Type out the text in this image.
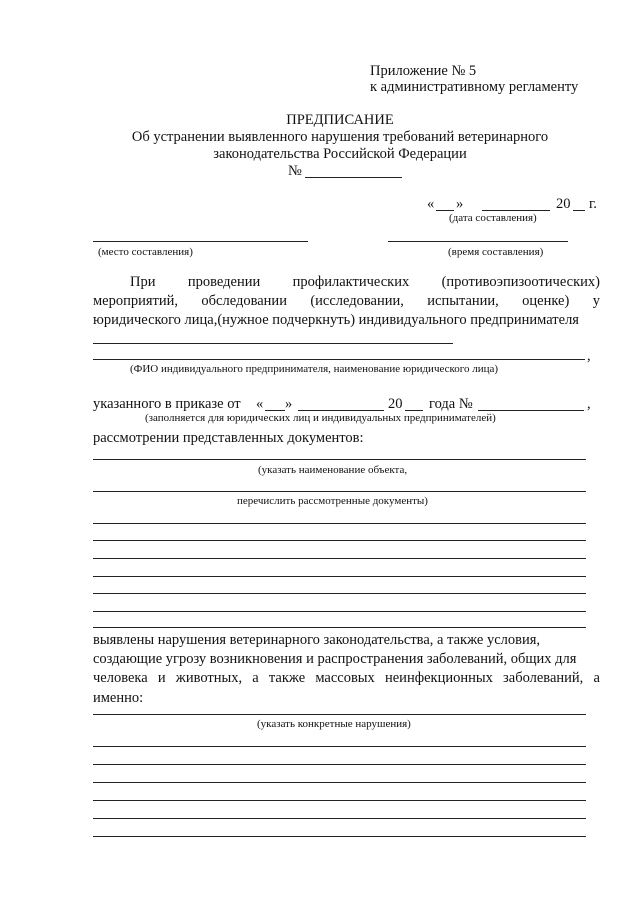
Приложение № 5
к административному регламенту
ПРЕДПИСАНИЕ
Об устранении выявленного нарушения требований ветеринарного
законодательства Российской Федерации
№
« »	20 г.
(дата составления)
(место составления)	(время составления)
При проведении профилактических (противоэпизоотических)
мероприятий, обследовании (исследовании, испытании, оценке) у
юридического лица,(нужное подчеркнуть) индивидуального предпринимателя
,
(ФИО индивидуального предпринимателя, наименование юридического лица)
указанного в приказе от « »	20 года №	,
(заполняется для юридических лиц и индивидуальных предпринимателей)
рассмотрении представленных документов:
(указать наименование объекта,
перечислить рассмотренные документы)
выявлены нарушения ветеринарного законодательства, а также условия,
создающие угрозу возникновения и распространения заболеваний, общих для
человека и животных, а также массовых неинфекционных заболеваний, а
именно:
(указать конкретные нарушения)
